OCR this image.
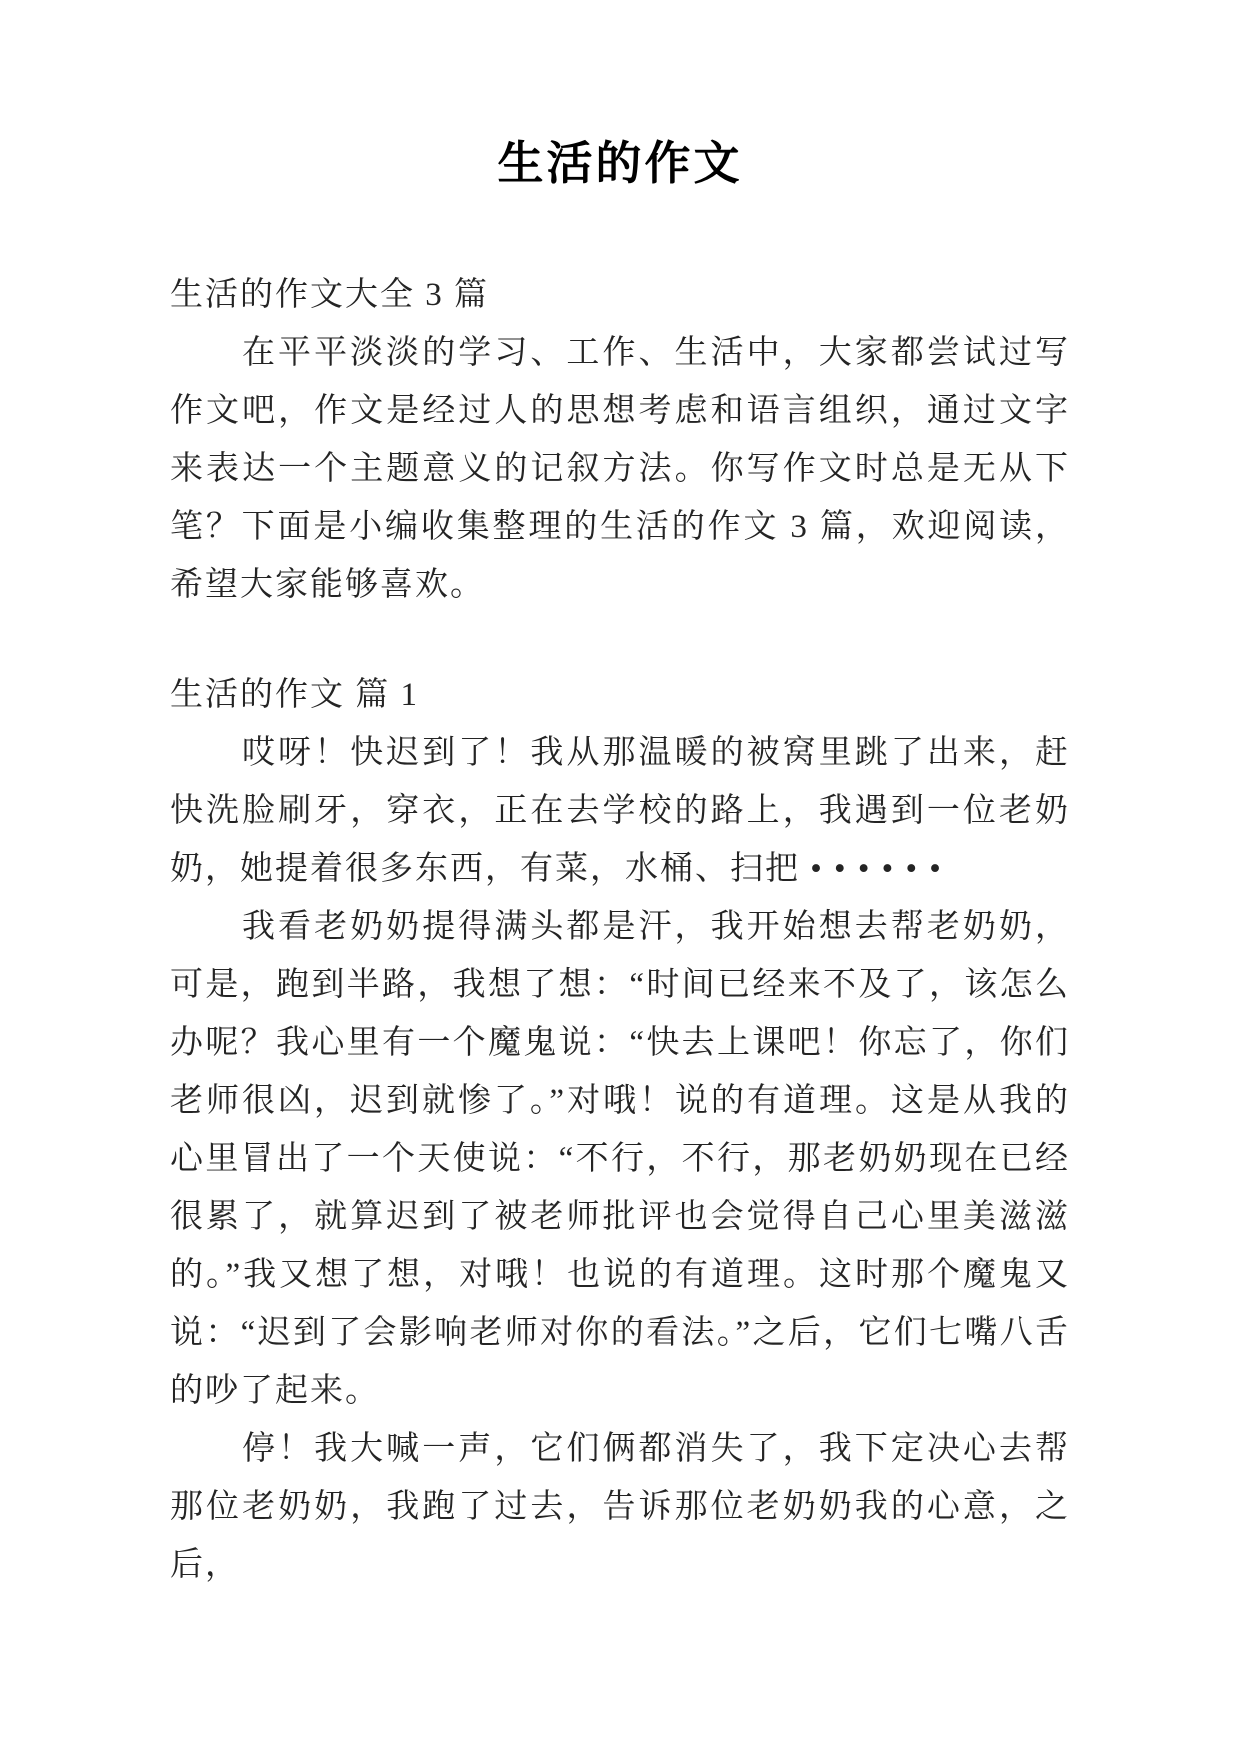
生活的作文

生活的作文大全 3 篇

在平平淡淡的学习、工作、生活中，大家都尝试过写作文吧，作文是经过人的思想考虑和语言组织，通过文字来表达一个主题意义的记叙方法。你写作文时总是无从下笔？下面是小编收集整理的生活的作文 3 篇，欢迎阅读，希望大家能够喜欢。

生活的作文 篇 1

哎呀！快迟到了！我从那温暖的被窝里跳了出来，赶快洗脸刷牙，穿衣，正在去学校的路上，我遇到一位老奶奶，她提着很多东西，有菜，水桶、扫把 • • • • • •

我看老奶奶提得满头都是汗，我开始想去帮老奶奶，可是，跑到半路，我想了想：“时间已经来不及了，该怎么办呢？我心里有一个魔鬼说：“快去上课吧！你忘了，你们老师很凶，迟到就惨了。”对哦！说的有道理。这是从我的心里冒出了一个天使说：“不行，不行，那老奶奶现在已经很累了，就算迟到了被老师批评也会觉得自己心里美滋滋的。”我又想了想，对哦！也说的有道理。这时那个魔鬼又说：“迟到了会影响老师对你的看法。”之后，它们七嘴八舌的吵了起来。

停！我大喊一声，它们俩都消失了，我下定决心去帮那位老奶奶，我跑了过去，告诉那位老奶奶我的心意，之后，
